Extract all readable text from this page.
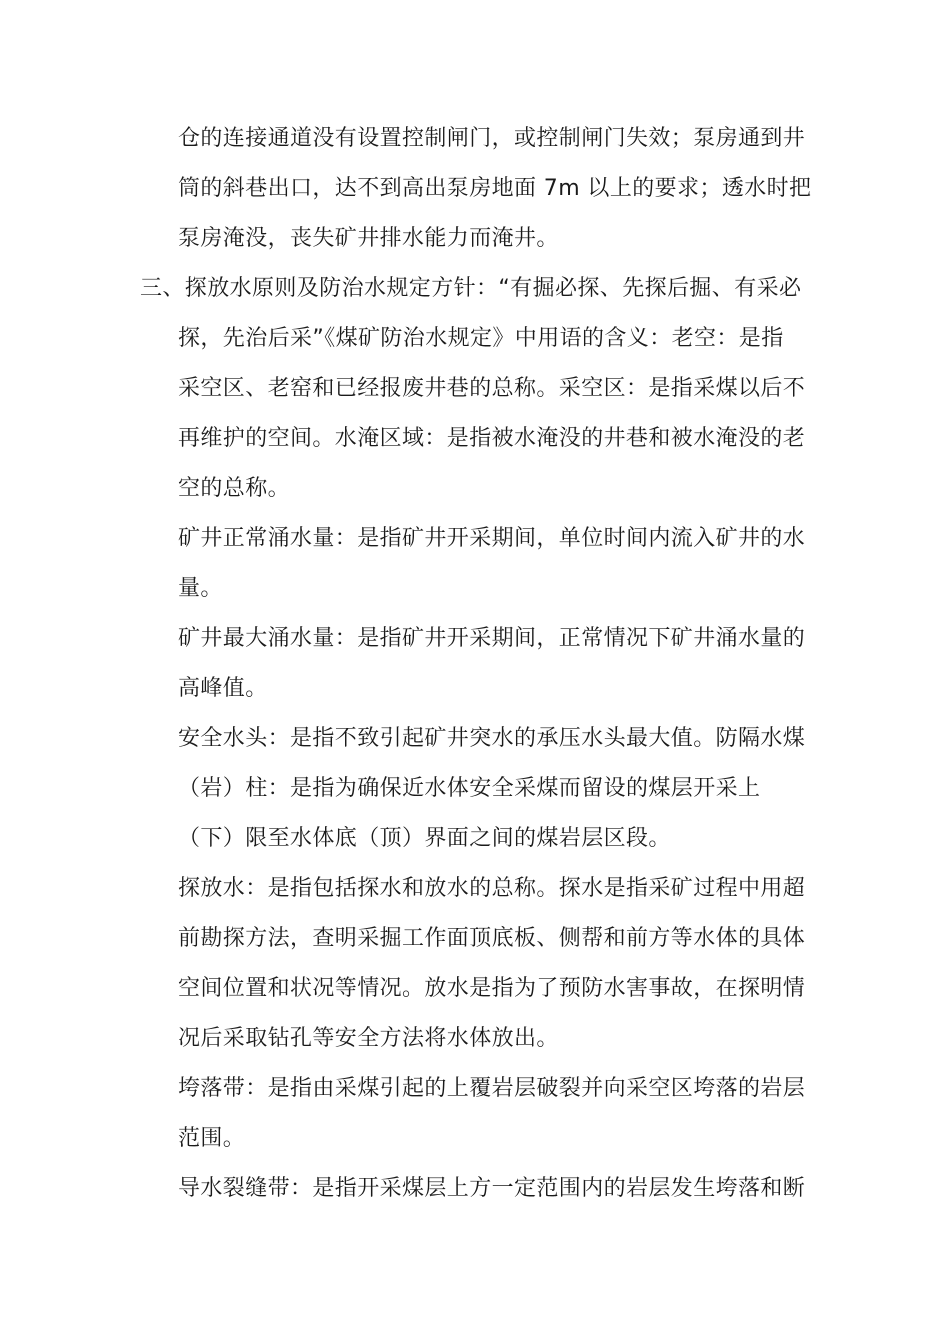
仓的连接通道没有设置控制闸门，或控制闸门失效；泵房通到井
筒的斜巷出口，达不到高出泵房地面 7m 以上的要求；透水时把
泵房淹没，丧失矿井排水能力而淹井。
三、探放水原则及防治水规定方针：“有掘必探、先探后掘、有采必
探，先治后采”《煤矿防治水规定》中用语的含义：老空：是指
采空区、老窑和已经报废井巷的总称。采空区：是指采煤以后不
再维护的空间。水淹区域：是指被水淹没的井巷和被水淹没的老
空的总称。
矿井正常涌水量：是指矿井开采期间，单位时间内流入矿井的水
量。
矿井最大涌水量：是指矿井开采期间，正常情况下矿井涌水量的
高峰值。
安全水头：是指不致引起矿井突水的承压水头最大值。防隔水煤
（岩）柱：是指为确保近水体安全采煤而留设的煤层开采上
（下）限至水体底（顶）界面之间的煤岩层区段。
探放水：是指包括探水和放水的总称。探水是指采矿过程中用超
前勘探方法，查明采掘工作面顶底板、侧帮和前方等水体的具体
空间位置和状况等情况。放水是指为了预防水害事故，在探明情
况后采取钻孔等安全方法将水体放出。
垮落带：是指由采煤引起的上覆岩层破裂并向采空区垮落的岩层
范围。
导水裂缝带：是指开采煤层上方一定范围内的岩层发生垮落和断
